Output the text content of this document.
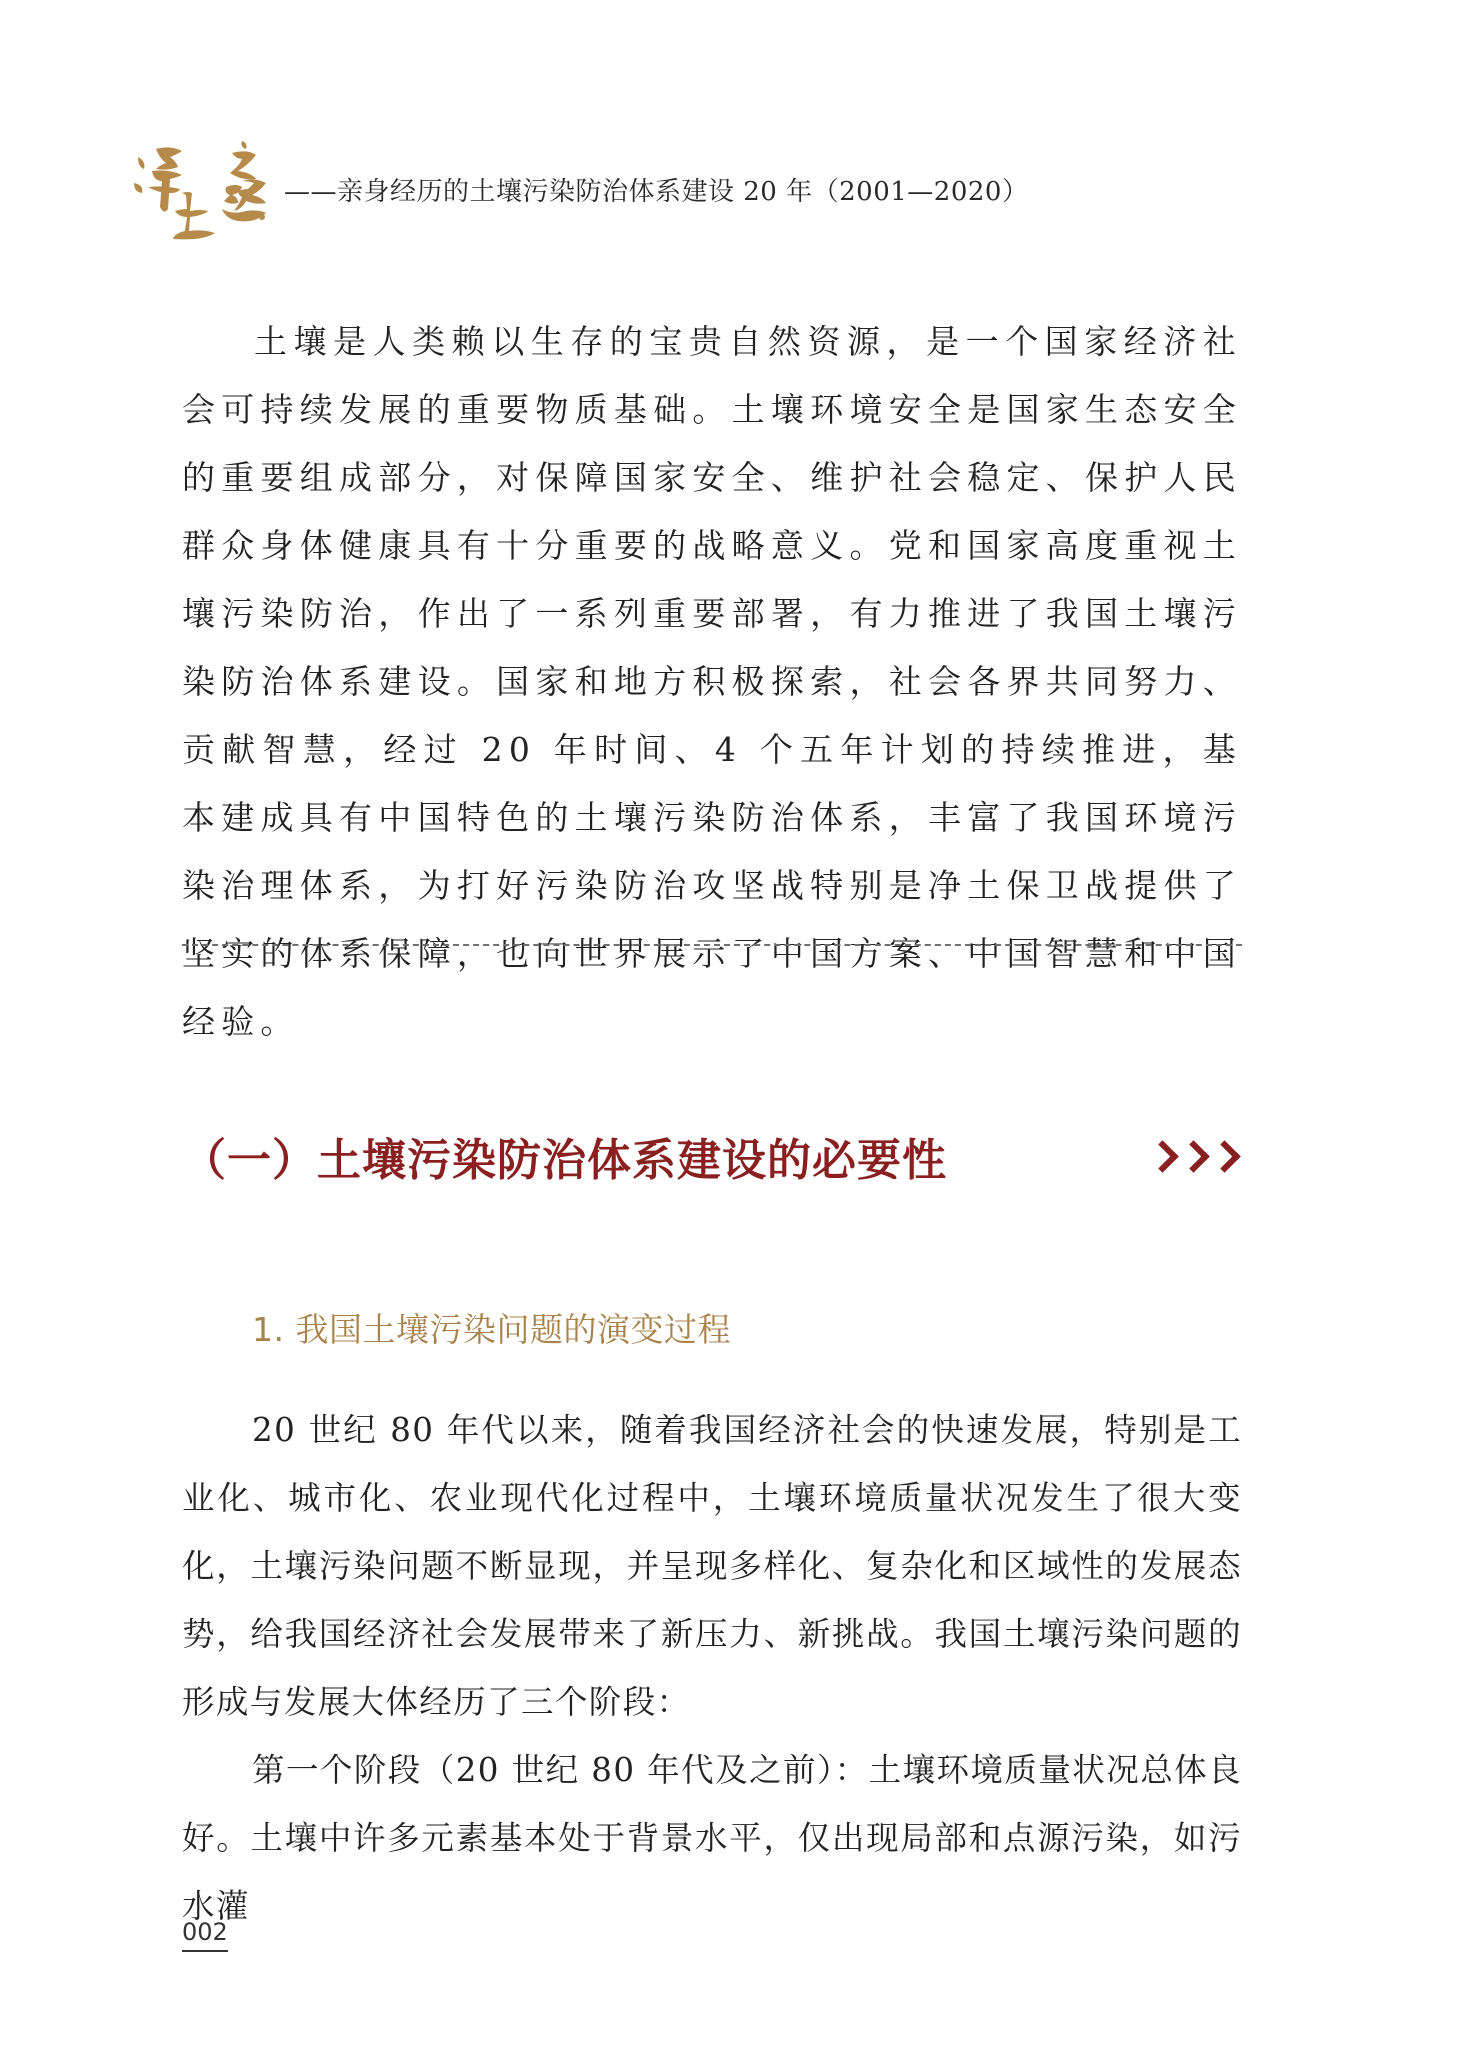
——亲身经历的土壤污染防治体系建设 20 年（2001—2020）

土壤是人类赖以生存的宝贵自然资源，是一个国家经济社会可持续发展的重要物质基础。土壤环境安全是国家生态安全的重要组成部分，对保障国家安全、维护社会稳定、保护人民群众身体健康具有十分重要的战略意义。党和国家高度重视土壤污染防治，作出了一系列重要部署，有力推进了我国土壤污染防治体系建设。国家和地方积极探索，社会各界共同努力、贡献智慧，经过 20 年时间、4 个五年计划的持续推进，基本建成具有中国特色的土壤污染防治体系，丰富了我国环境污染治理体系，为打好污染防治攻坚战特别是净土保卫战提供了坚实的体系保障，也向世界展示了中国方案、中国智慧和中国经验。

（一）土壤污染防治体系建设的必要性
1. 我国土壤污染问题的演变过程

20 世纪 80 年代以来，随着我国经济社会的快速发展，特别是工业化、城市化、农业现代化过程中，土壤环境质量状况发生了很大变化，土壤污染问题不断显现，并呈现多样化、复杂化和区域性的发展态势，给我国经济社会发展带来了新压力、新挑战。我国土壤污染问题的形成与发展大体经历了三个阶段：

第一个阶段（20 世纪 80 年代及之前）：土壤环境质量状况总体良好。土壤中许多元素基本处于背景水平，仅出现局部和点源污染，如污水灌

002
